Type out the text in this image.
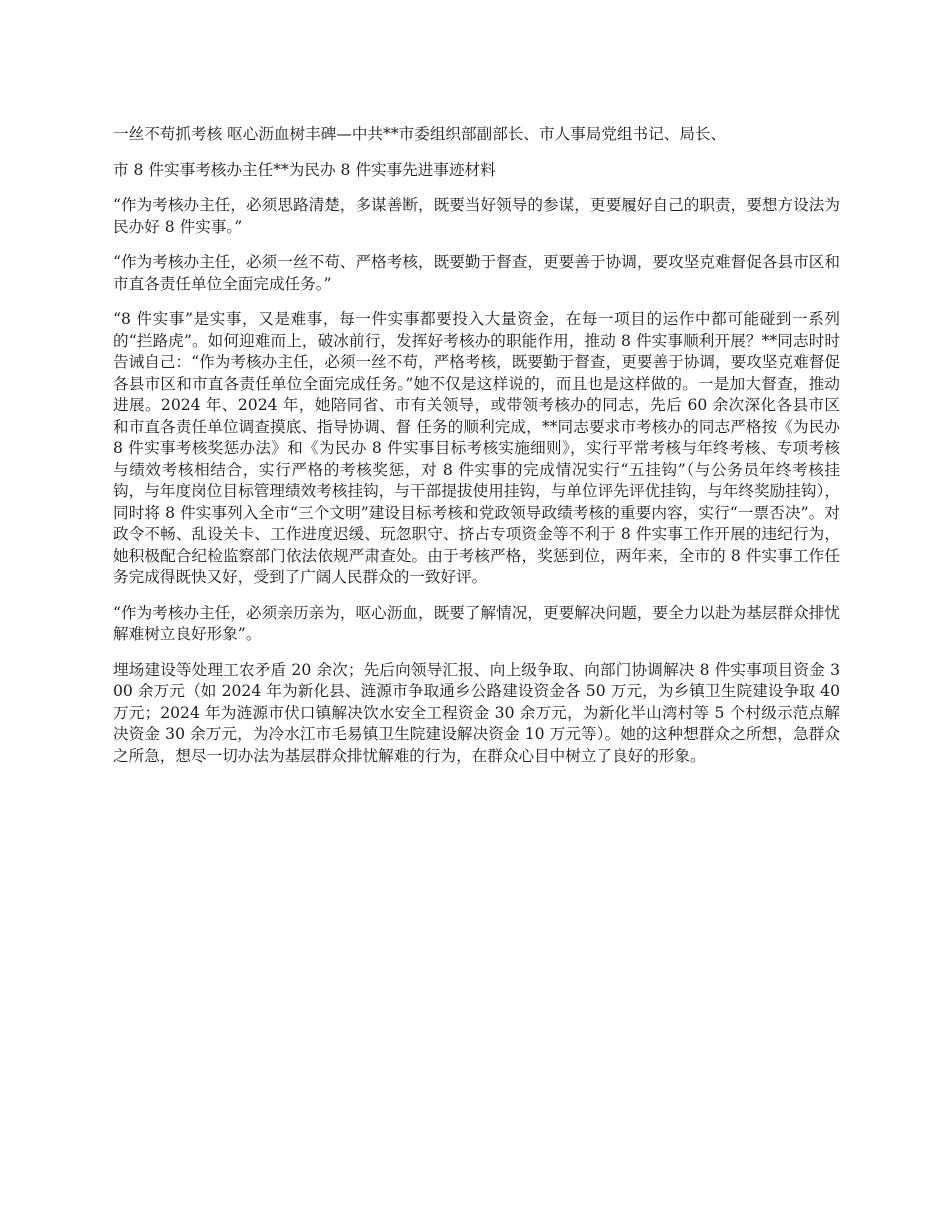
一丝不苟抓考核 呕心沥血树丰碑—中共**市委组织部副部长、市人事局党组书记、局长、

市 8 件实事考核办主任**为民办 8 件实事先进事迹材料

“作为考核办主任，必须思路清楚，多谋善断，既要当好领导的参谋，更要履好自己的职责，要想方设法为民办好 8 件实事。”

“作为考核办主任，必须一丝不苟、严格考核，既要勤于督查，更要善于协调，要攻坚克难督促各县市区和市直各责任单位全面完成任务。”

“8 件实事”是实事，又是难事，每一件实事都要投入大量资金，在每一项目的运作中都可能碰到一系列的“拦路虎”。如何迎难而上，破冰前行，发挥好考核办的职能作用，推动 8 件实事顺利开展？**同志时时告诫自己：“作为考核办主任，必须一丝不苟，严格考核，既要勤于督查，更要善于协调，要攻坚克难督促各县市区和市直各责任单位全面完成任务。”她不仅是这样说的，而且也是这样做的。一是加大督查，推动进展。2024 年、2024 年，她陪同省、市有关领导，或带领考核办的同志，先后 60 余次深化各县市区和市直各责任单位调查摸底、指导协调、督 任务的顺利完成，**同志要求市考核办的同志严格按《为民办 8 件实事考核奖惩办法》和《为民办 8 件实事目标考核实施细则》，实行平常考核与年终考核、专项考核与绩效考核相结合，实行严格的考核奖惩，对 8 件实事的完成情况实行“五挂钩”（与公务员年终考核挂钩，与年度岗位目标管理绩效考核挂钩，与干部提拔使用挂钩，与单位评先评优挂钩，与年终奖励挂钩），同时将 8 件实事列入全市“三个文明”建设目标考核和党政领导政绩考核的重要内容，实行“一票否决”。对政令不畅、乱设关卡、工作进度迟缓、玩忽职守、挤占专项资金等不利于 8 件实事工作开展的违纪行为，她积极配合纪检监察部门依法依规严肃查处。由于考核严格，奖惩到位，两年来，全市的 8 件实事工作任务完成得既快又好，受到了广阔人民群众的一致好评。

“作为考核办主任，必须亲历亲为，呕心沥血，既要了解情况，更要解决问题，要全力以赴为基层群众排忧解难树立良好形象”。

埋场建设等处理工农矛盾 20 余次；先后向领导汇报、向上级争取、向部门协调解决 8 件实事项目资金 300 余万元（如 2024 年为新化县、涟源市争取通乡公路建设资金各 50 万元，为乡镇卫生院建设争取 40 万元；2024 年为涟源市伏口镇解决饮水安全工程资金 30 余万元，为新化半山湾村等 5 个村级示范点解决资金 30 余万元，为冷水江市毛易镇卫生院建设解决资金 10 万元等）。她的这种想群众之所想，急群众之所急，想尽一切办法为基层群众排忧解难的行为，在群众心目中树立了良好的形象。
